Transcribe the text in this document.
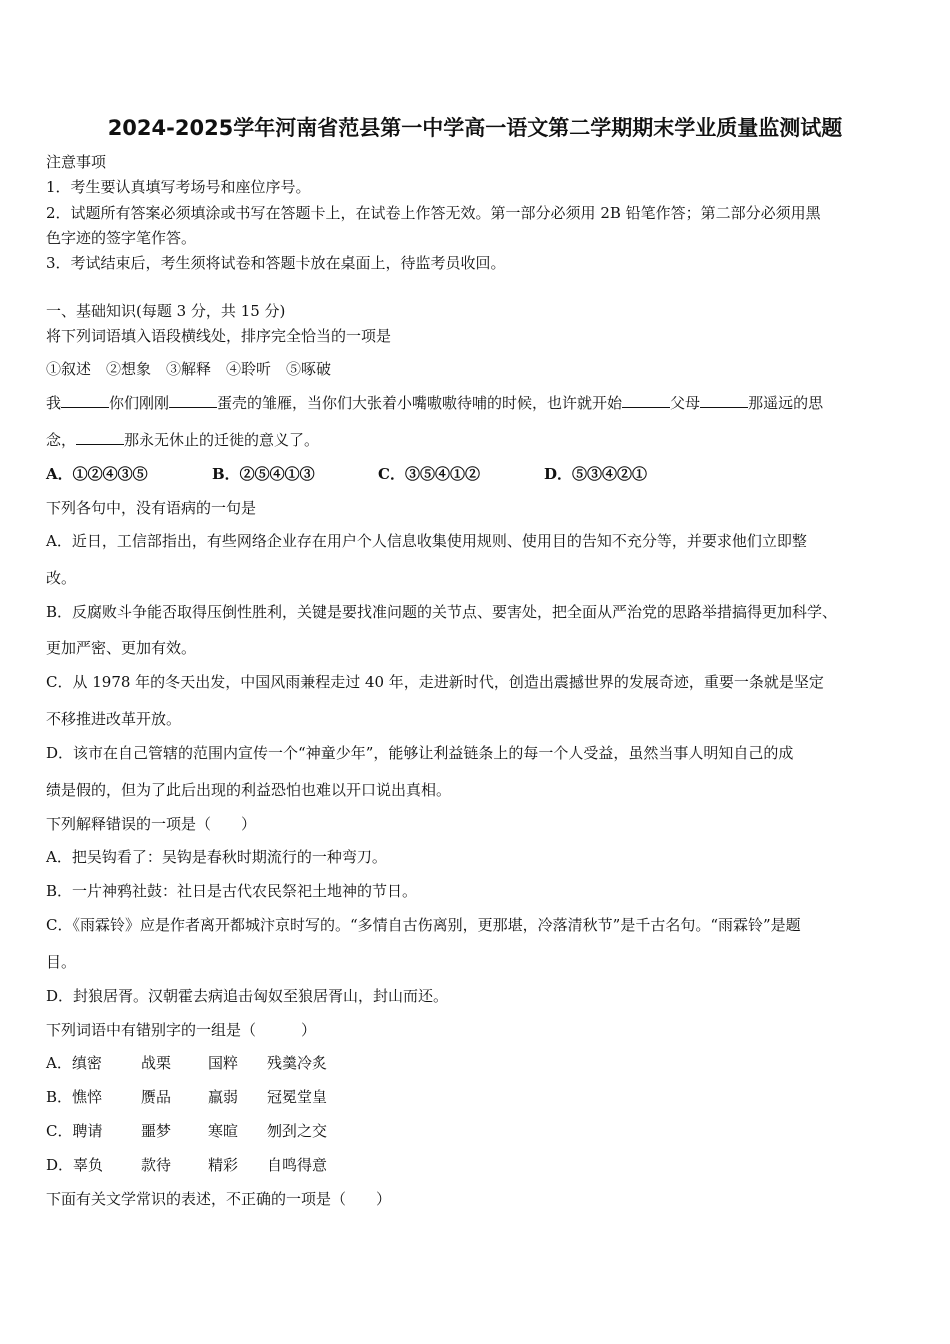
2024-2025学年河南省范县第一中学高一语文第二学期期末学业质量监测试题
注意事项
1．考生要认真填写考场号和座位序号。
2．试题所有答案必须填涂或书写在答题卡上，在试卷上作答无效。第一部分必须用 2B 铅笔作答；第二部分必须用黑
色字迹的签字笔作答。
3．考试结束后，考生须将试卷和答题卡放在桌面上，待监考员收回。
一、基础知识(每题 3 分，共 15 分)
将下列词语填入语段横线处，排序完全恰当的一项是
①叙述　②想象　③解释　④聆听　⑤啄破
我	你们刚刚	蛋壳的雏雁，当你们大张着小嘴嗷嗷待哺的时候，也许就开始	父母	那遥远的思
念，	那永无休止的迁徙的意义了。
A．①②④③⑤	B．②⑤④①③	C．③⑤④①②	D．⑤③④②①
下列各句中，没有语病的一句是
A．近日，工信部指出，有些网络企业存在用户个人信息收集使用规则、使用目的告知不充分等，并要求他们立即整
改。
B．反腐败斗争能否取得压倒性胜利，关键是要找准问题的关节点、要害处，把全面从严治党的思路举措搞得更加科学、
更加严密、更加有效。
C．从 1978 年的冬天出发，中国风雨兼程走过 40 年，走进新时代，创造出震撼世界的发展奇迹，重要一条就是坚定
不移推进改革开放。
D．该市在自己管辖的范围内宣传一个“神童少年”，能够让利益链条上的每一个人受益，虽然当事人明知自己的成
绩是假的，但为了此后出现的利益恐怕也难以开口说出真相。
下列解释错误的一项是（　　）
A．把吴钩看了：吴钩是春秋时期流行的一种弯刀。
B．一片神鸦社鼓：社日是古代农民祭祀土地神的节日。
C．《雨霖铃》应是作者离开都城汴京时写的。“多情自古伤离别，更那堪，冷落清秋节”是千古名句。“雨霖铃”是题
目。
D．封狼居胥。汉朝霍去病追击匈奴至狼居胥山，封山而还。
下列词语中有错别字的一组是（　　　）
A．缜密	战栗 国粹 残羹冷炙
B．憔悴	赝品 羸弱 冠冕堂皇
C．聘请	噩梦 寒暄 刎刭之交
D．辜负	款待 精彩 自鸣得意
下面有关文学常识的表述，不正确的一项是（　　）
